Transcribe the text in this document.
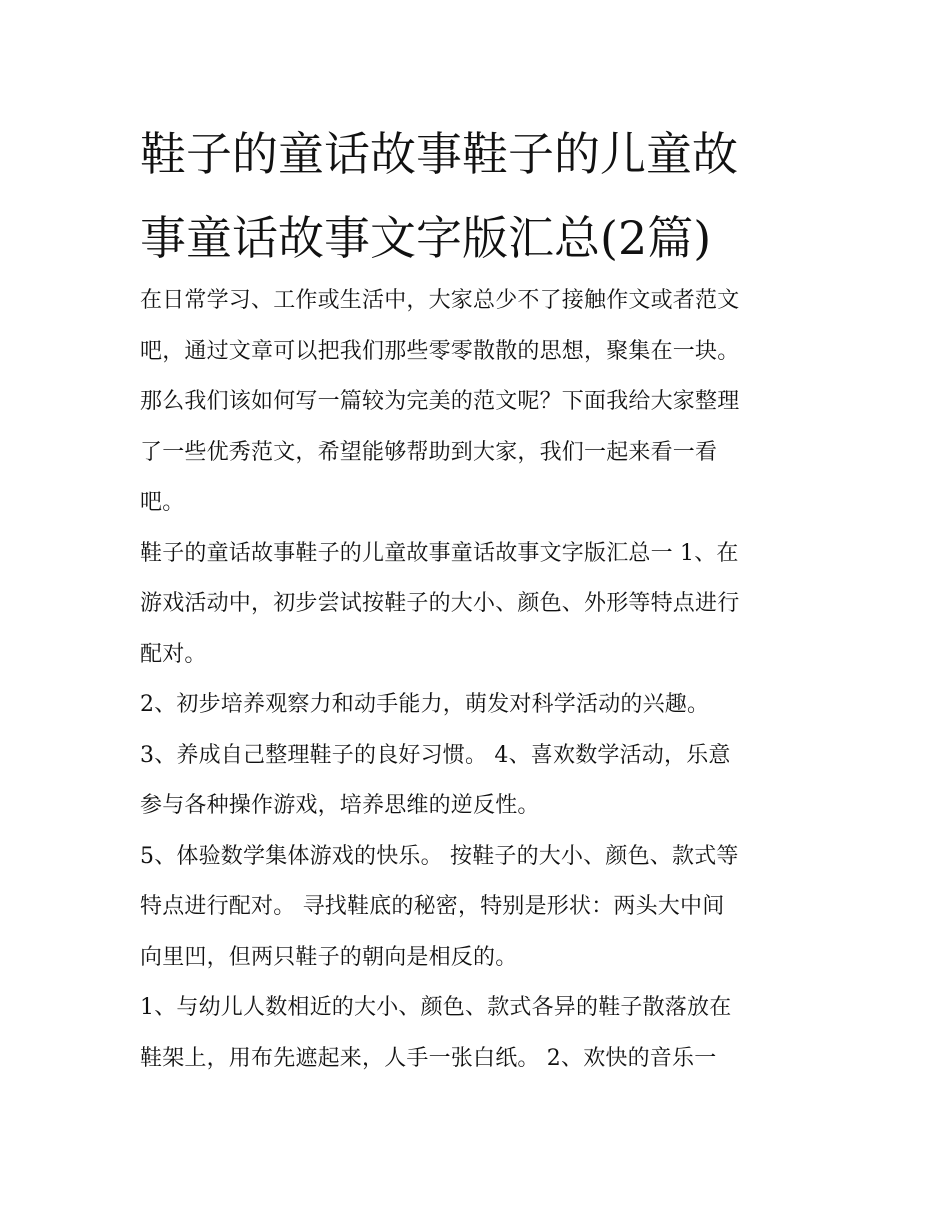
鞋子的童话故事鞋子的儿童故
事童话故事文字版汇总(2篇)

在日常学习、工作或生活中，大家总少不了接触作文或者范文
吧，通过文章可以把我们那些零零散散的思想，聚集在一块。
那么我们该如何写一篇较为完美的范文呢？下面我给大家整理
了一些优秀范文，希望能够帮助到大家，我们一起来看一看
吧。

鞋子的童话故事鞋子的儿童故事童话故事文字版汇总一 1、在
游戏活动中，初步尝试按鞋子的大小、颜色、外形等特点进行
配对。

2、初步培养观察力和动手能力，萌发对科学活动的兴趣。

3、养成自己整理鞋子的良好习惯。 4、喜欢数学活动，乐意
参与各种操作游戏，培养思维的逆反性。

5、体验数学集体游戏的快乐。 按鞋子的大小、颜色、款式等
特点进行配对。 寻找鞋底的秘密，特别是形状：两头大中间
向里凹，但两只鞋子的朝向是相反的。

1、与幼儿人数相近的大小、颜色、款式各异的鞋子散落放在
鞋架上，用布先遮起来，人手一张白纸。 2、欢快的音乐一
